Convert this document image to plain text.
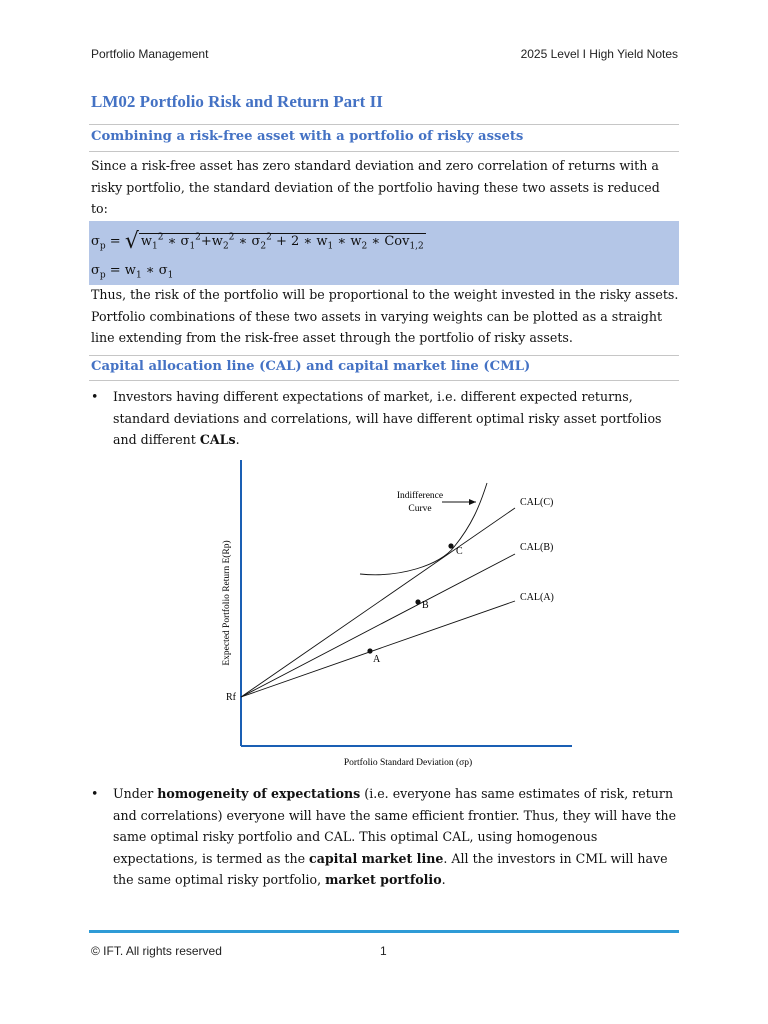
Portfolio Management	2025 Level I High Yield Notes
LM02 Portfolio Risk and Return Part II
Combining a risk-free asset with a portfolio of risky assets

Since a risk-free asset has zero standard deviation and zero correlation of returns with a

risky portfolio, the standard deviation of the portfolio having these two assets is reduced

to:

$\sigma_p$ = √ $w_1^2$ ∗ $\sigma_1^2+w_2^2$ ∗ $\sigma_2^2 + 2$ ∗ $w_1$ ∗ $w_2$ ∗ Cov$_{1,2}$
$\sigma_p = w_1$ ∗ $\sigma_1$

Thus, the risk of the portfolio will be proportional to the weight invested in the risky assets.

Portfolio combinations of these two assets in varying weights can be plotted as a straight

line extending from the risk-free asset through the portfolio of risky assets.

Capital allocation line (CAL) and capital market line (CML)
• Investors having different expectations of market, i.e. different expected returns,

standard deviations and correlations, will have different optimal risky asset portfolios

and different CALs.

A
B
C
CAL(A)
CAL(B)
CAL(C)
Indifference
Curve
Rf
Portfolio Standard Deviation (σp)
Expected Portfolio Return E(Rp)
• Under homogeneity of expectations (i.e. everyone has same estimates of risk, return

and correlations) everyone will have the same efficient frontier. Thus, they will have the

same optimal risky portfolio and CAL. This optimal CAL, using homogenous

expectations, is termed as the capital market line. All the investors in CML will have

the same optimal risky portfolio, market portfolio.

© IFT. All rights reserved	1
